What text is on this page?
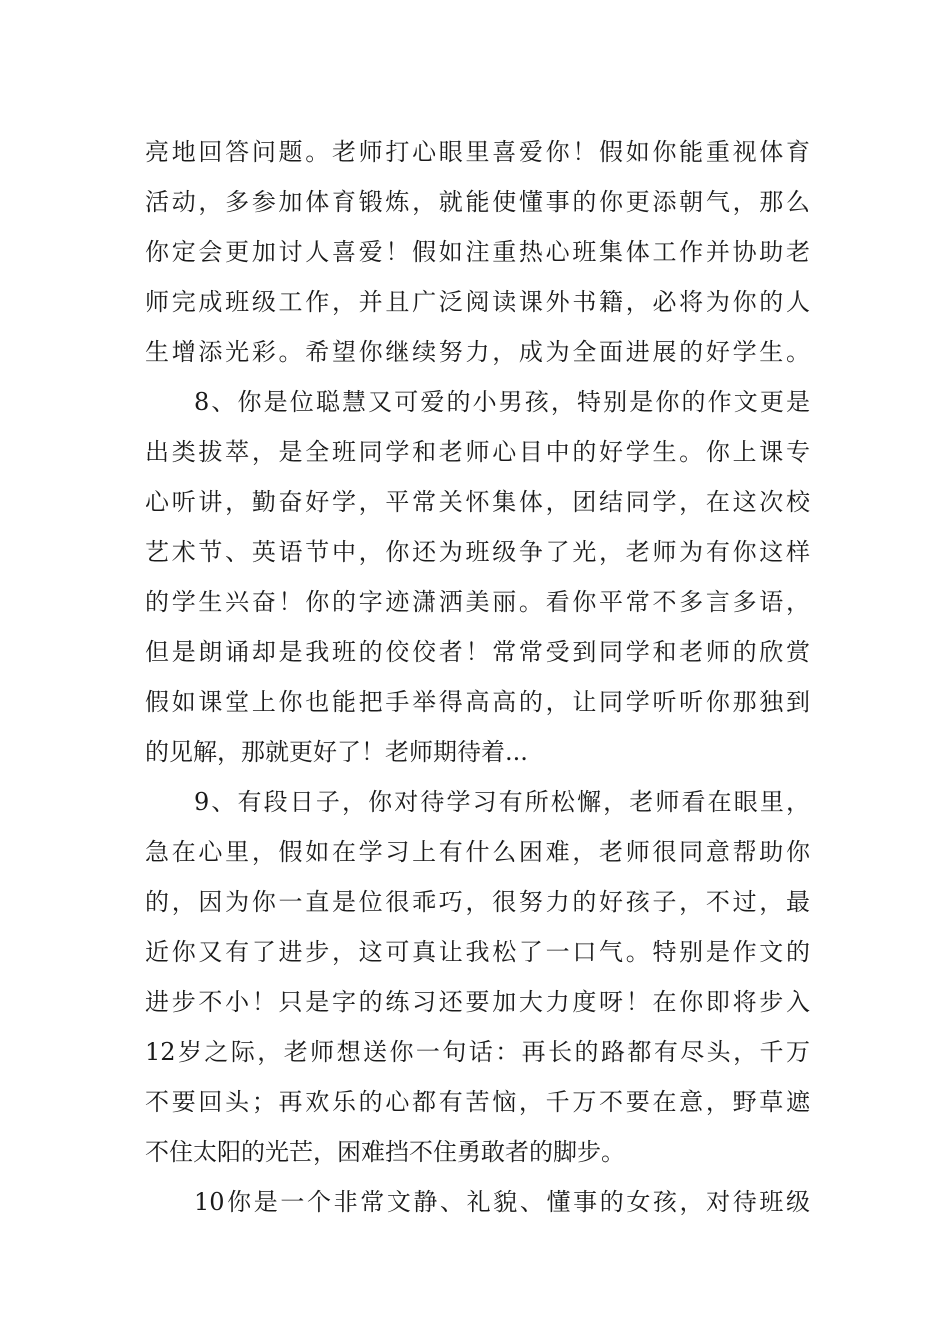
亮地回答问题。老师打心眼里喜爱你！假如你能重视体育
活动，多参加体育锻炼，就能使懂事的你更添朝气，那么
你定会更加讨人喜爱！假如注重热心班集体工作并协助老
师完成班级工作，并且广泛阅读课外书籍，必将为你的人
生增添光彩。希望你继续努力，成为全面进展的好学生。
8、你是位聪慧又可爱的小男孩，特别是你的作文更是
出类拔萃，是全班同学和老师心目中的好学生。你上课专
心听讲，勤奋好学，平常关怀集体，团结同学，在这次校
艺术节、英语节中，你还为班级争了光，老师为有你这样
的学生兴奋！你的字迹潇洒美丽。看你平常不多言多语，
但是朗诵却是我班的佼佼者！常常受到同学和老师的欣赏
假如课堂上你也能把手举得高高的，让同学听听你那独到
的见解，那就更好了！老师期待着...
9、有段日子，你对待学习有所松懈，老师看在眼里，
急在心里，假如在学习上有什么困难，老师很同意帮助你
的，因为你一直是位很乖巧，很努力的好孩子，不过，最
近你又有了进步，这可真让我松了一口气。特别是作文的
进步不小！只是字的练习还要加大力度呀！在你即将步入
12岁之际，老师想送你一句话：再长的路都有尽头，千万
不要回头；再欢乐的心都有苦恼，千万不要在意，野草遮
不住太阳的光芒，困难挡不住勇敢者的脚步。
10你是一个非常文静、礼貌、懂事的女孩，对待班级
